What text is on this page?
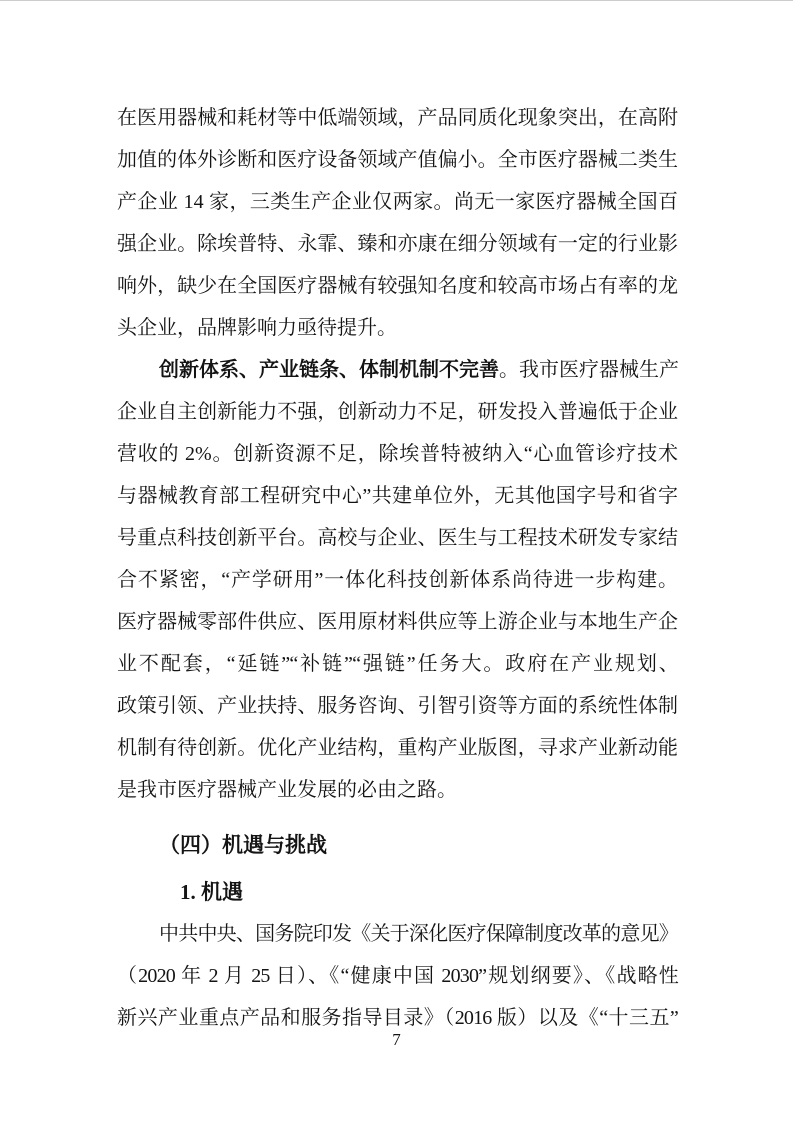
在医用器械和耗材等中低端领域，产品同质化现象突出，在高附
加值的体外诊断和医疗设备领域产值偏小。全市医疗器械二类生
产企业 14 家，三类生产企业仅两家。尚无一家医疗器械全国百
强企业。除埃普特、永霏、臻和亦康在细分领域有一定的行业影
响外，缺少在全国医疗器械有较强知名度和较高市场占有率的龙
头企业，品牌影响力亟待提升。
创新体系、产业链条、体制机制不完善。我市医疗器械生产
企业自主创新能力不强，创新动力不足，研发投入普遍低于企业
营收的 2%。创新资源不足，除埃普特被纳入“心血管诊疗技术
与器械教育部工程研究中心”共建单位外，无其他国字号和省字
号重点科技创新平台。高校与企业、医生与工程技术研发专家结
合不紧密，“产学研用”一体化科技创新体系尚待进一步构建。
医疗器械零部件供应、医用原材料供应等上游企业与本地生产企
业不配套，“延链”“补链”“强链”任务大。政府在产业规划、
政策引领、产业扶持、服务咨询、引智引资等方面的系统性体制
机制有待创新。优化产业结构，重构产业版图，寻求产业新动能
是我市医疗器械产业发展的必由之路。
（四）机遇与挑战
1. 机遇
中共中央、国务院印发《关于深化医疗保障制度改革的意见》
（2020 年 2 月 25 日）、《“健康中国 2030”规划纲要》、《战略性
新兴产业重点产品和服务指导目录》（2016 版）以及《“十三五”
7
